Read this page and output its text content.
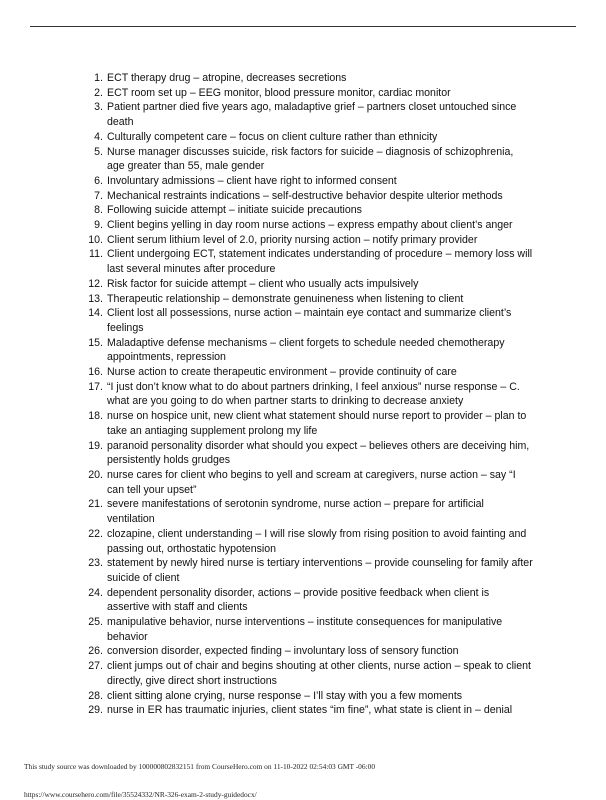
1. ECT therapy drug – atropine, decreases secretions
2. ECT room set up – EEG monitor, blood pressure monitor, cardiac monitor
3. Patient partner died five years ago, maladaptive grief – partners closet untouched since death
4. Culturally competent care – focus on client culture rather than ethnicity
5. Nurse manager discusses suicide, risk factors for suicide – diagnosis of schizophrenia, age greater than 55, male gender
6. Involuntary admissions – client have right to informed consent
7. Mechanical restraints indications – self-destructive behavior despite ulterior methods
8. Following suicide attempt – initiate suicide precautions
9. Client begins yelling in day room nurse actions – express empathy about client’s anger
10. Client serum lithium level of 2.0, priority nursing action – notify primary provider
11. Client undergoing ECT, statement indicates understanding of procedure – memory loss will last several minutes after procedure
12. Risk factor for suicide attempt – client who usually acts impulsively
13. Therapeutic relationship – demonstrate genuineness when listening to client
14. Client lost all possessions, nurse action – maintain eye contact and summarize client’s feelings
15. Maladaptive defense mechanisms – client forgets to schedule needed chemotherapy appointments, repression
16. Nurse action to create therapeutic environment – provide continuity of care
17. “I just don’t know what to do about partners drinking, I feel anxious” nurse response – C. what are you going to do when partner starts to drinking to decrease anxiety
18. nurse on hospice unit, new client what statement should nurse report to provider – plan to take an antiaging supplement prolong my life
19. paranoid personality disorder what should you expect – believes others are deceiving him, persistently holds grudges
20. nurse cares for client who begins to yell and scream at caregivers, nurse action – say “I can tell your upset”
21. severe manifestations of serotonin syndrome, nurse action – prepare for artificial ventilation
22. clozapine, client understanding – I will rise slowly from rising position to avoid fainting and passing out, orthostatic hypotension
23. statement by newly hired nurse is tertiary interventions – provide counseling for family after suicide of client
24. dependent personality disorder, actions – provide positive feedback when client is assertive with staff and clients
25. manipulative behavior, nurse interventions – institute consequences for manipulative behavior
26. conversion disorder, expected finding – involuntary loss of sensory function
27. client jumps out of chair and begins shouting at other clients, nurse action – speak to client directly, give direct short instructions
28. client sitting alone crying, nurse response – I’ll stay with you a few moments
29. nurse in ER has traumatic injuries, client states “im fine”, what state is client in – denial
This study source was downloaded by 100000802832151 from CourseHero.com on 11-10-2022 02:54:03 GMT -06:00
https://www.coursehero.com/file/35524332/NR-326-exam-2-study-guidedocx/
